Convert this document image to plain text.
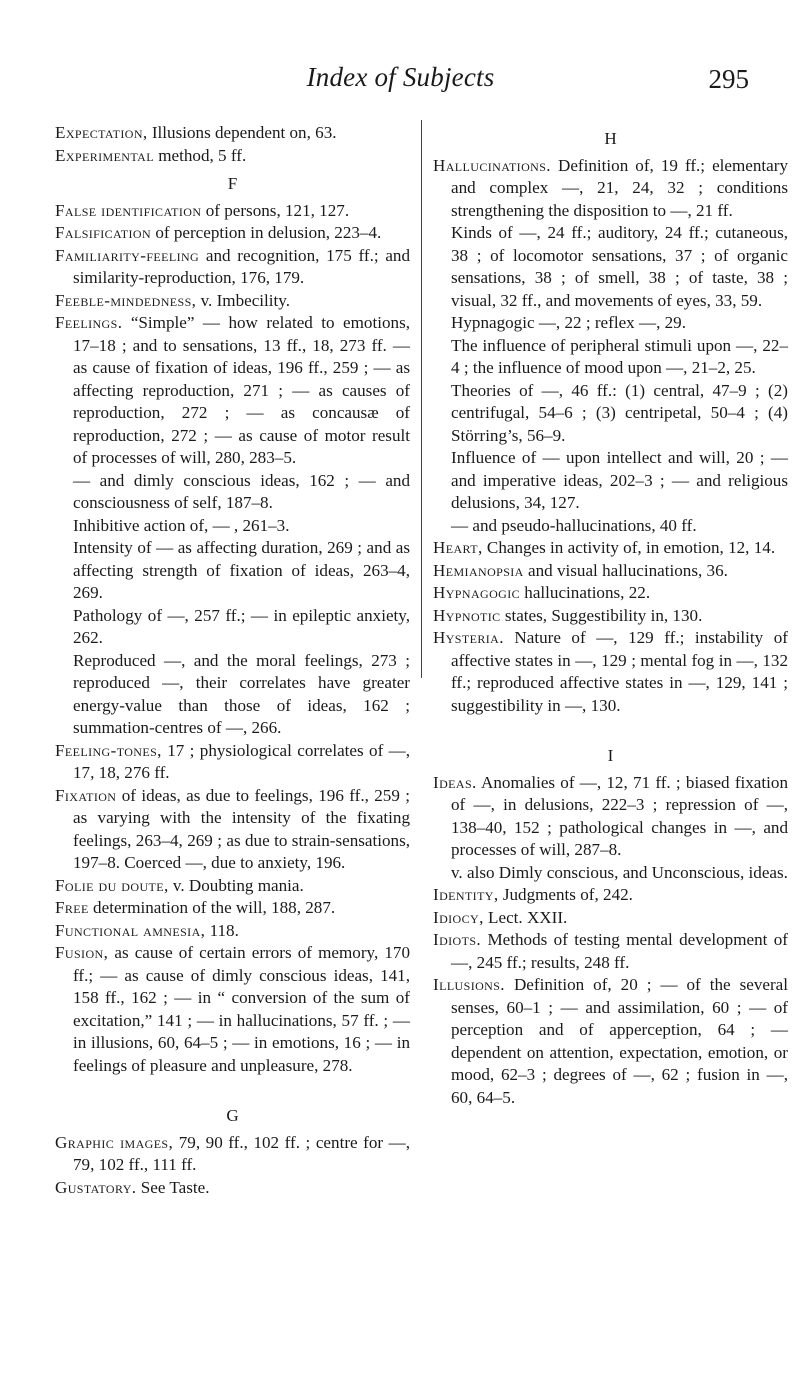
Index of Subjects	295

Expectation, Illusions dependent on, 63.

Experimental method, 5 ff.

F

False identification of persons, 121, 127.

Falsification of perception in delusion, 223–4.

Familiarity-feeling and recognition, 175 ff.; and similarity-reproduction, 176, 179.

Feeble-mindedness, v. Imbecility.

Feelings. “Simple” — how related to emotions, 17–18 ; and to sensations, 13 ff., 18, 273 ff. — as cause of fixation of ideas, 196 ff., 259 ; — as affecting reproduction, 271 ; — as causes of reproduction, 272 ; — as concausæ of reproduction, 272 ; — as cause of motor result of processes of will, 280, 283–5.

— and dimly conscious ideas, 162 ; — and consciousness of self, 187–8.

Inhibitive action of, — , 261–3.

Intensity of — as affecting duration, 269 ; and as affecting strength of fixation of ideas, 263–4, 269.

Pathology of —, 257 ff.; — in epileptic anxiety, 262.

Reproduced —, and the moral feelings, 273 ; reproduced —, their correlates have greater energy-value than those of ideas, 162 ; summation-centres of —, 266.

Feeling-tones, 17 ; physiological correlates of —, 17, 18, 276 ff.

Fixation of ideas, as due to feelings, 196 ff., 259 ; as varying with the intensity of the fixating feelings, 263–4, 269 ; as due to strain-sensations, 197–8. Coerced —, due to anxiety, 196.

Folie du doute, v. Doubting mania.

Free determination of the will, 188, 287.

Functional amnesia, 118.

Fusion, as cause of certain errors of memory, 170 ff.; — as cause of dimly conscious ideas, 141, 158 ff., 162 ; — in “ conversion of the sum of excitation,” 141 ; — in hallucinations, 57 ff. ; — in illusions, 60, 64–5 ; — in emotions, 16 ; — in feelings of pleasure and unpleasure, 278.

G

Graphic images, 79, 90 ff., 102 ff. ; centre for —, 79, 102 ff., 111 ff.

Gustatory. See Taste.

H

Hallucinations. Definition of, 19 ff.; elementary and complex —, 21, 24, 32 ; conditions strengthening the disposition to —, 21 ff.

Kinds of —, 24 ff.; auditory, 24 ff.; cutaneous, 38 ; of locomotor sensations, 37 ; of organic sensations, 38 ; of smell, 38 ; of taste, 38 ; visual, 32 ff., and movements of eyes, 33, 59.

Hypnagogic —, 22 ; reflex —, 29.

The influence of peripheral stimuli upon —, 22–4 ; the influence of mood upon —, 21–2, 25.

Theories of —, 46 ff.: (1) central, 47–9 ; (2) centrifugal, 54–6 ; (3) centripetal, 50–4 ; (4) Störring’s, 56–9.

Influence of — upon intellect and will, 20 ; — and imperative ideas, 202–3 ; — and religious delusions, 34, 127.

— and pseudo-hallucinations, 40 ff.

Heart, Changes in activity of, in emotion, 12, 14.

Hemianopsia and visual hallucinations, 36.

Hypnagogic hallucinations, 22.

Hypnotic states, Suggestibility in, 130.

Hysteria. Nature of —, 129 ff.; instability of affective states in —, 129 ; mental fog in —, 132 ff.; reproduced affective states in —, 129, 141 ; suggestibility in —, 130.

I

Ideas. Anomalies of —, 12, 71 ff. ; biased fixation of —, in delusions, 222–3 ; repression of —, 138–40, 152 ; pathological changes in —, and processes of will, 287–8.

v. also Dimly conscious, and Unconscious, ideas.

Identity, Judgments of, 242.

Idiocy, Lect. XXII.

Idiots. Methods of testing mental development of —, 245 ff.; results, 248 ff.

Illusions. Definition of, 20 ; — of the several senses, 60–1 ; — and assimilation, 60 ; — of perception and of apperception, 64 ; — dependent on attention, expectation, emotion, or mood, 62–3 ; degrees of —, 62 ; fusion in —, 60, 64–5.
